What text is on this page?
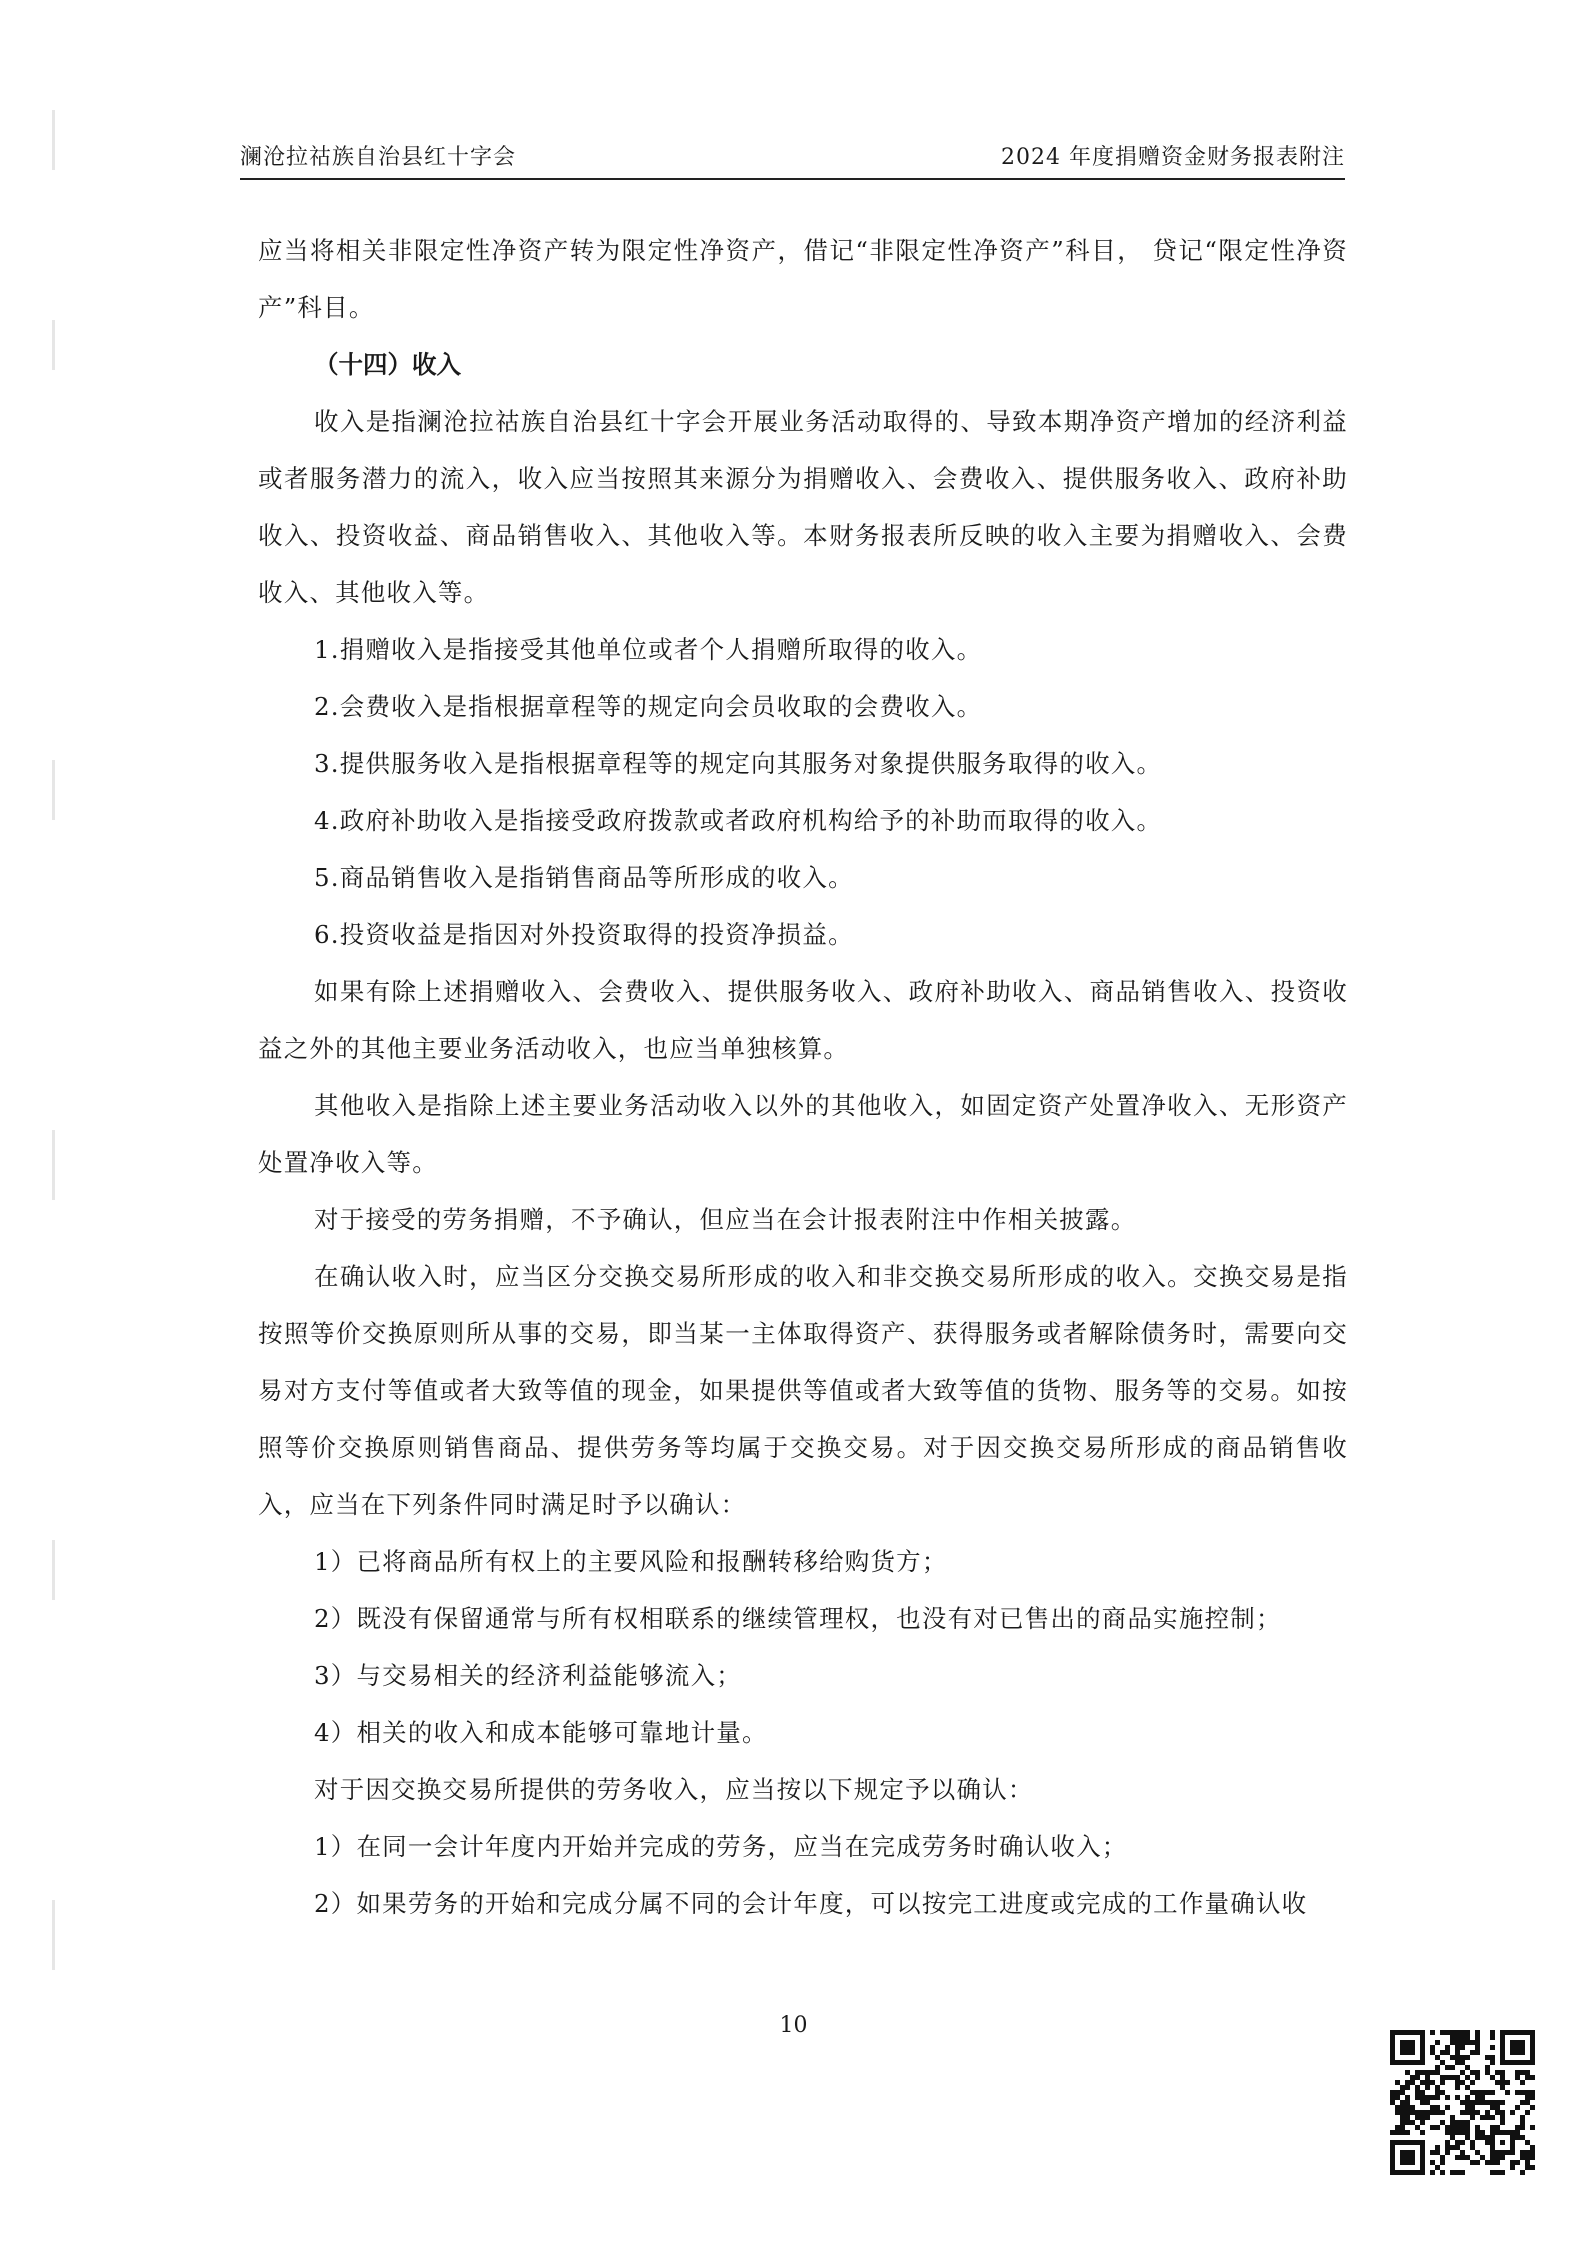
澜沧拉祜族自治县红十字会	2024 年度捐赠资金财务报表附注

应当将相关非限定性净资产转为限定性净资产，借记“非限定性净资产”科目， 贷记“限定性净资产”科目。

（十四）收入

收入是指澜沧拉祜族自治县红十字会开展业务活动取得的、导致本期净资产增加的经济利益或者服务潜力的流入，收入应当按照其来源分为捐赠收入、会费收入、提供服务收入、政府补助收入、投资收益、商品销售收入、其他收入等。本财务报表所反映的收入主要为捐赠收入、会费收入、其他收入等。

1.捐赠收入是指接受其他单位或者个人捐赠所取得的收入。

2.会费收入是指根据章程等的规定向会员收取的会费收入。

3.提供服务收入是指根据章程等的规定向其服务对象提供服务取得的收入。

4.政府补助收入是指接受政府拨款或者政府机构给予的补助而取得的收入。

5.商品销售收入是指销售商品等所形成的收入。

6.投资收益是指因对外投资取得的投资净损益。

如果有除上述捐赠收入、会费收入、提供服务收入、政府补助收入、商品销售收入、投资收益之外的其他主要业务活动收入，也应当单独核算。

其他收入是指除上述主要业务活动收入以外的其他收入，如固定资产处置净收入、无形资产处置净收入等。

对于接受的劳务捐赠，不予确认，但应当在会计报表附注中作相关披露。

在确认收入时，应当区分交换交易所形成的收入和非交换交易所形成的收入。交换交易是指按照等价交换原则所从事的交易，即当某一主体取得资产、获得服务或者解除债务时，需要向交易对方支付等值或者大致等值的现金，如果提供等值或者大致等值的货物、服务等的交易。如按照等价交换原则销售商品、提供劳务等均属于交换交易。对于因交换交易所形成的商品销售收入，应当在下列条件同时满足时予以确认：

1）已将商品所有权上的主要风险和报酬转移给购货方；

2）既没有保留通常与所有权相联系的继续管理权，也没有对已售出的商品实施控制；

3）与交易相关的经济利益能够流入；

4）相关的收入和成本能够可靠地计量。

对于因交换交易所提供的劳务收入，应当按以下规定予以确认：

1）在同一会计年度内开始并完成的劳务，应当在完成劳务时确认收入；

2）如果劳务的开始和完成分属不同的会计年度，可以按完工进度或完成的工作量确认收

10
